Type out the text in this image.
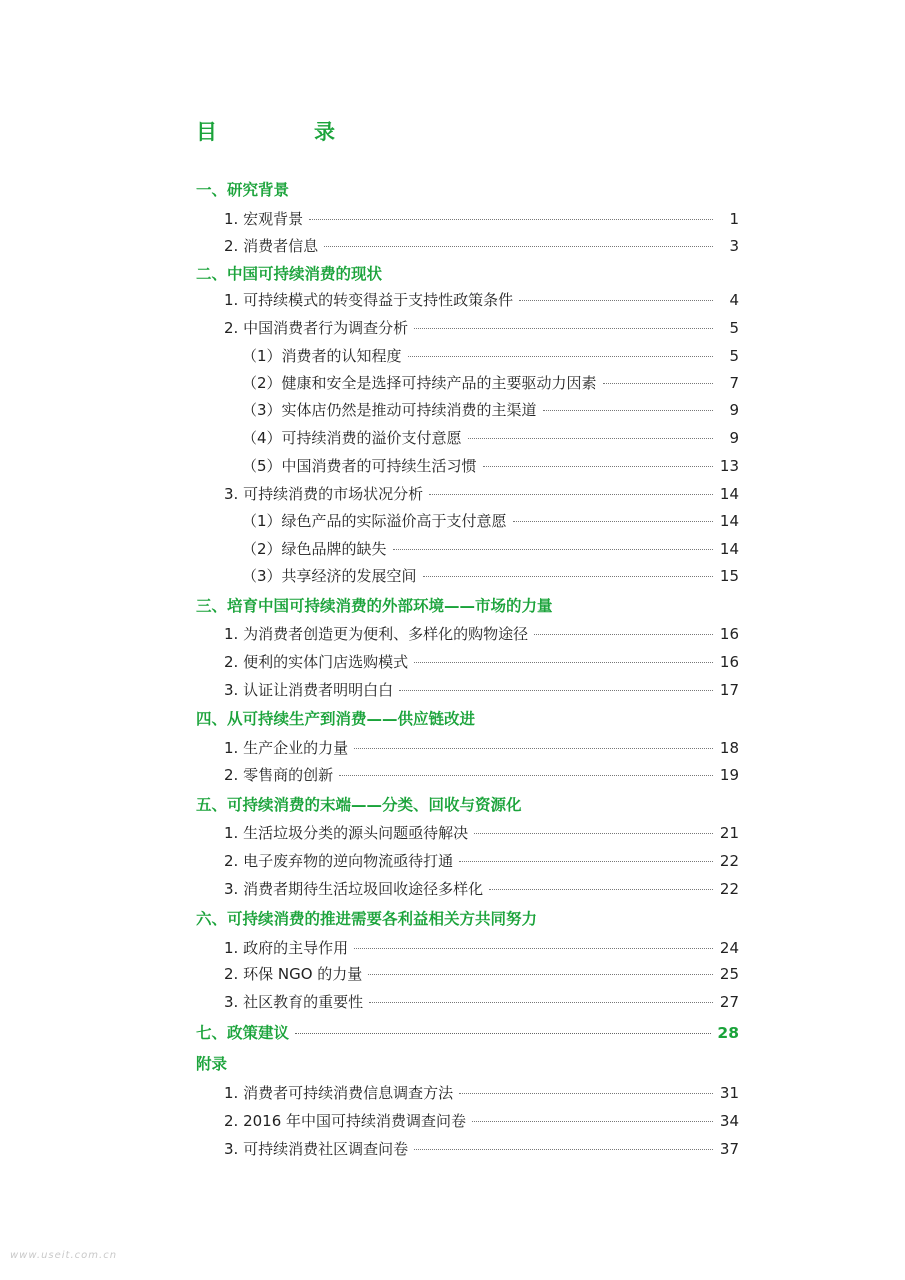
目　录
一、研究背景
1. 宏观背景	1
2. 消费者信息	3
二、中国可持续消费的现状
1. 可持续模式的转变得益于支持性政策条件	4
2. 中国消费者行为调查分析	5
（1）消费者的认知程度	5
（2）健康和安全是选择可持续产品的主要驱动力因素	7
（3）实体店仍然是推动可持续消费的主渠道	9
（4）可持续消费的溢价支付意愿	9
（5）中国消费者的可持续生活习惯	13
3. 可持续消费的市场状况分析	14
（1）绿色产品的实际溢价高于支付意愿	14
（2）绿色品牌的缺失	14
（3）共享经济的发展空间	15
三、培育中国可持续消费的外部环境——市场的力量
1. 为消费者创造更为便利、多样化的购物途径	16
2. 便利的实体门店选购模式	16
3. 认证让消费者明明白白	17
四、从可持续生产到消费——供应链改进
1. 生产企业的力量	18
2. 零售商的创新	19
五、可持续消费的末端——分类、回收与资源化
1. 生活垃圾分类的源头问题亟待解决	21
2. 电子废弃物的逆向物流亟待打通	22
3. 消费者期待生活垃圾回收途径多样化	22
六、可持续消费的推进需要各利益相关方共同努力
1. 政府的主导作用	24
2. 环保 NGO 的力量	25
3. 社区教育的重要性	27
七、政策建议	28
附录
1. 消费者可持续消费信息调查方法	31
2. 2016 年中国可持续消费调查问卷	34
3. 可持续消费社区调查问卷	37
www.useit.com.cn
